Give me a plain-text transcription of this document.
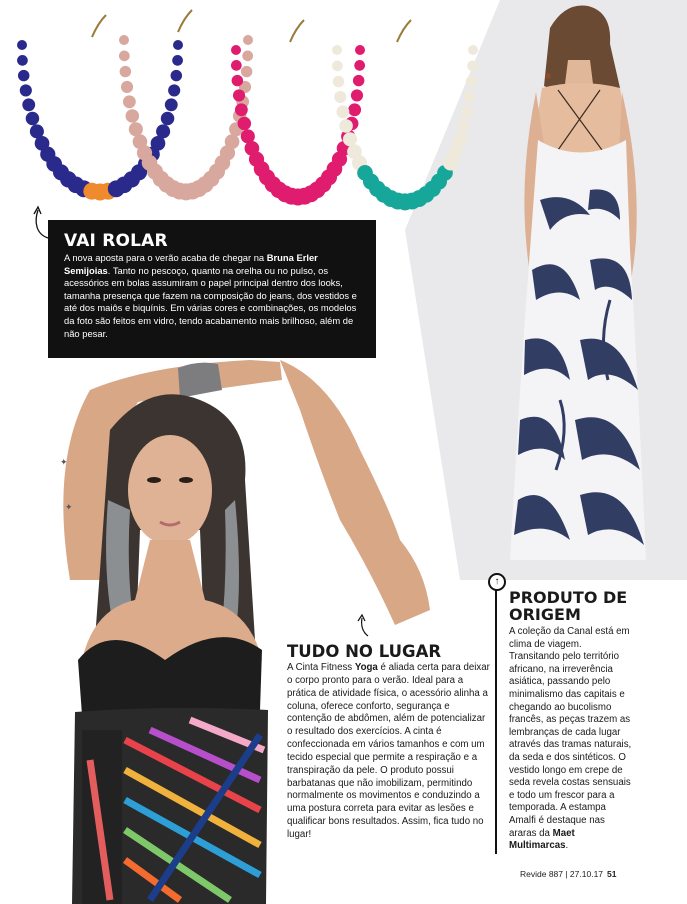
VAI ROLAR

A nova aposta para o verão acaba de chegar na Bruna Erler Semijoias. Tanto no pescoço, quanto na orelha ou no pulso, os acessórios em bolas assumiram o papel principal dentro dos looks, tamanha presença que fazem na composição do jeans, dos vestidos e até dos maiôs e biquínis. Em várias cores e combinações, os modelos da foto são feitos em vidro, tendo acabamento mais brilhoso, além de não pesar.

✦
✦
TUDO NO LUGAR

A Cinta Fitness Yoga é aliada certa para deixar o corpo pronto para o verão. Ideal para a prática de atividade física, o acessório alinha a coluna, oferece conforto, segurança e contenção de abdômen, além de potencializar o resultado dos exercícios. A cinta é confeccionada em vários tamanhos e com um tecido especial que permite a respiração e a transpiração da pele. O produto possui barbatanas que não imobilizam, permitindo normalmente os movimentos e conduzindo a uma postura correta para evitar as lesões e qualificar bons resultados. Assim, fica tudo no lugar!

↑
PRODUTO DE
ORIGEM

A coleção da Canal está em clima de viagem. Transitando pelo território africano, na irreverência asiática, passando pelo minimalismo das capitais e chegando ao bucolismo francês, as peças trazem as lembranças de cada lugar através das tramas naturais, da seda e dos sintéticos. O vestido longo em crepe de seda revela costas sensuais e todo um frescor para a temporada. A estampa Amalfi é destaque nas araras da Maet Multimarcas.

Revide 887 | 27.10.17 51
